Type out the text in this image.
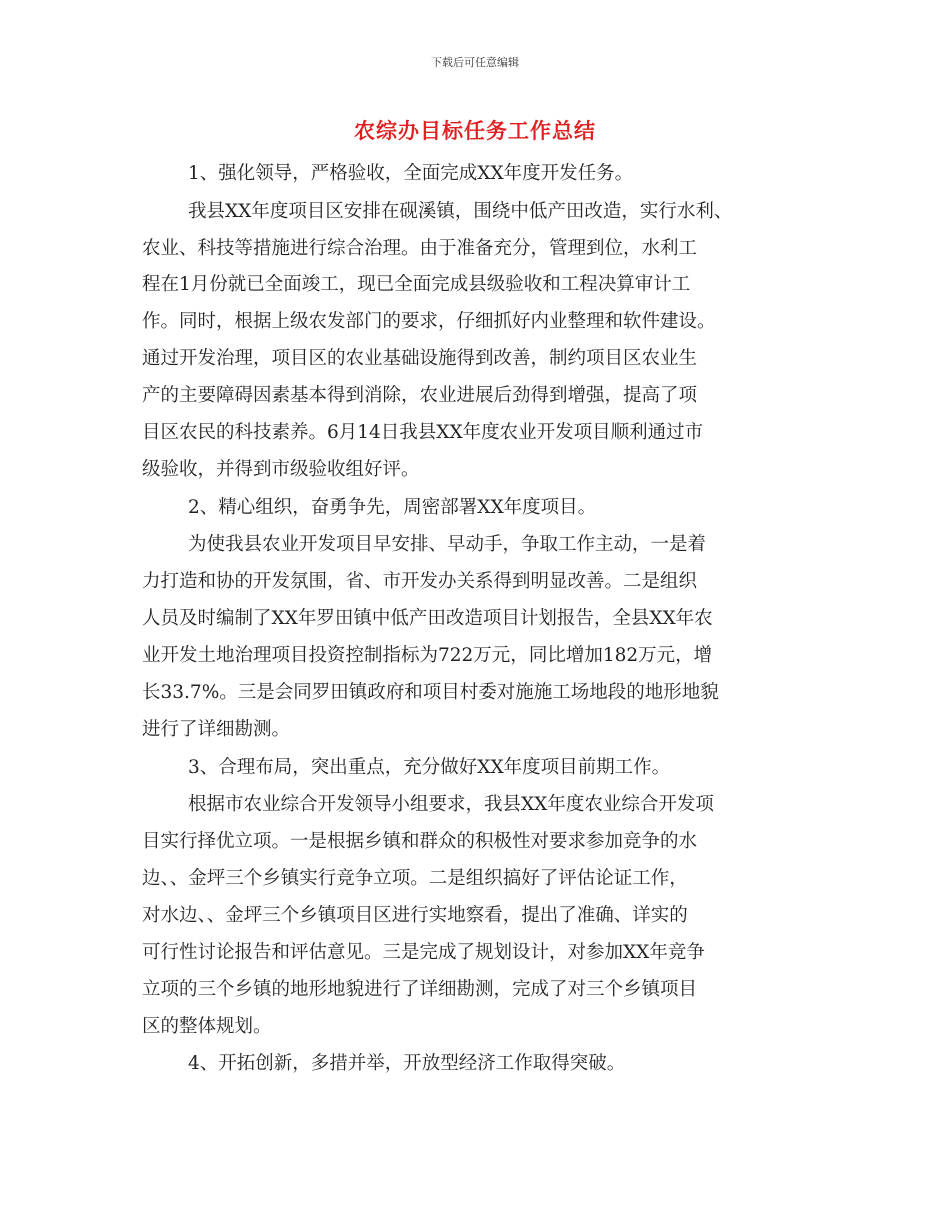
下载后可任意编辑
农综办目标任务工作总结
1、强化领导，严格验收，全面完成XX年度开发任务。
我县XX年度项目区安排在砚溪镇，围绕中低产田改造，实行水利、
农业、科技等措施进行综合治理。由于准备充分，管理到位，水利工
程在1月份就已全面竣工，现已全面完成县级验收和工程决算审计工
作。同时，根据上级农发部门的要求，仔细抓好内业整理和软件建设。
通过开发治理，项目区的农业基础设施得到改善，制约项目区农业生
产的主要障碍因素基本得到消除，农业进展后劲得到增强，提高了项
目区农民的科技素养。6月14日我县XX年度农业开发项目顺利通过市
级验收，并得到市级验收组好评。
2、精心组织，奋勇争先，周密部署XX年度项目。
为使我县农业开发项目早安排、早动手，争取工作主动，一是着
力打造和协的开发氛围，省、市开发办关系得到明显改善。二是组织
人员及时编制了XX年罗田镇中低产田改造项目计划报告，全县XX年农
业开发土地治理项目投资控制指标为722万元，同比增加182万元，增
长33.7%。三是会同罗田镇政府和项目村委对施施工场地段的地形地貌
进行了详细勘测。
3、合理布局，突出重点，充分做好XX年度项目前期工作。
根据市农业综合开发领导小组要求，我县XX年度农业综合开发项
目实行择优立项。一是根据乡镇和群众的积极性对要求参加竞争的水
边、、金坪三个乡镇实行竞争立项。二是组织搞好了评估论证工作，
对水边、、金坪三个乡镇项目区进行实地察看，提出了准确、详实的
可行性讨论报告和评估意见。三是完成了规划设计，对参加XX年竞争
立项的三个乡镇的地形地貌进行了详细勘测，完成了对三个乡镇项目
区的整体规划。
4、开拓创新，多措并举，开放型经济工作取得突破。
